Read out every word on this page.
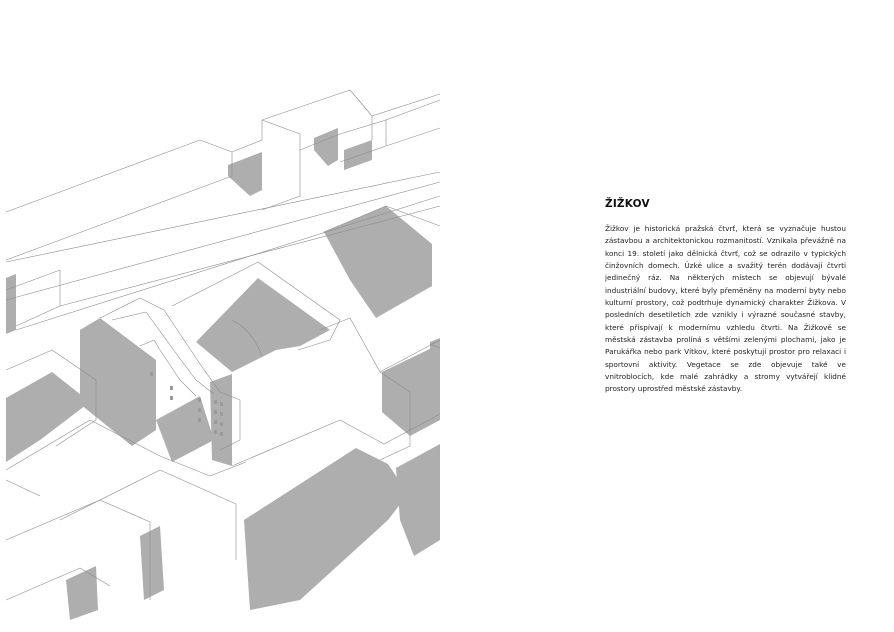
ŽIŽKOV

Žižkov je historická pražská čtvrť, která se vyznačuje hustou zástavbou a architektonickou rozmanitostí. Vznikala převážně na konci 19. století jako dělnická čtvrť, což se odrazilo v typických činžovních domech. Úzké ulice a svažitý terén dodávají čtvrti jedinečný ráz. Na některých místech se objevují bývalé industriální budovy, které byly přeměněny na moderní byty nebo kulturní prostory, což podtrhuje dynamický charakter Žižkova. V posledních desetiletích zde vznikly i výrazné současné stavby, které přispívají k modernímu vzhledu čtvrti. Na Žižkově se městská zástavba prolíná s většími zelenými plochami, jako je Parukářka nebo park Vítkov, které poskytují prostor pro relaxaci i sportovní aktivity. Vegetace se zde objevuje také ve vnitroblocích, kde malé zahrádky a stromy vytvářejí klidné prostory uprostřed městské zástavby.
